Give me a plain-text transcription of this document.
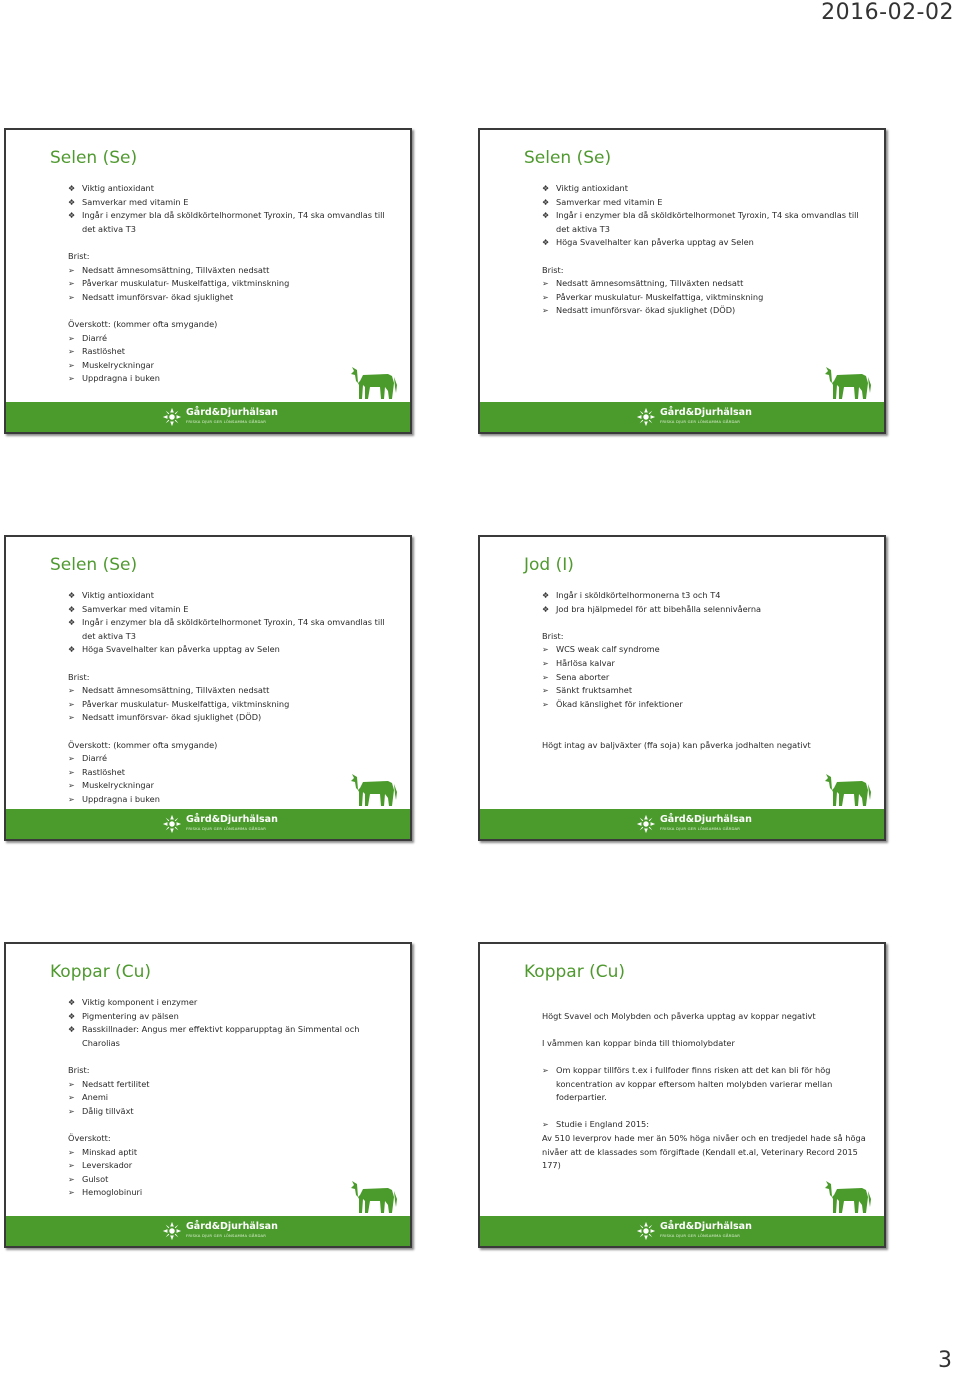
2016-02-02
Selen (Se)
❖ Viktig antioxidant
❖ Samverkar med vitamin E
❖ Ingår i enzymer bla då sköldkörtelhormonet Tyroxin, T4 ska omvandlas till det aktiva T3
Brist:
➢ Nedsatt ämnesomsättning, Tillväxten nedsatt
➢ Påverkar muskulatur- Muskelfattiga, viktminskning
➢ Nedsatt imunförsvar- ökad sjuklighet
Överskott: (kommer ofta smygande)
➢ Diarré
➢ Rastlöshet
➢ Muskelryckningar
➢ Uppdragna i buken
Gård&Djurhälsan
FRISKA DJUR GER LÖNSAMMA GÅRDAR
Selen (Se)
❖ Viktig antioxidant
❖ Samverkar med vitamin E
❖ Ingår i enzymer bla då sköldkörtelhormonet Tyroxin, T4 ska omvandlas till det aktiva T3
❖ Höga Svavelhalter kan påverka upptag av Selen
Brist:
➢ Nedsatt ämnesomsättning, Tillväxten nedsatt
➢ Påverkar muskulatur- Muskelfattiga, viktminskning
➢ Nedsatt imunförsvar- ökad sjuklighet (DÖD)
Gård&Djurhälsan
FRISKA DJUR GER LÖNSAMMA GÅRDAR
Selen (Se)
❖ Viktig antioxidant
❖ Samverkar med vitamin E
❖ Ingår i enzymer bla då sköldkörtelhormonet Tyroxin, T4 ska omvandlas till det aktiva T3
❖ Höga Svavelhalter kan påverka upptag av Selen
Brist:
➢ Nedsatt ämnesomsättning, Tillväxten nedsatt
➢ Påverkar muskulatur- Muskelfattiga, viktminskning
➢ Nedsatt imunförsvar- ökad sjuklighet (DÖD)
Överskott: (kommer ofta smygande)
➢ Diarré
➢ Rastlöshet
➢ Muskelryckningar
➢ Uppdragna i buken
Gård&Djurhälsan
FRISKA DJUR GER LÖNSAMMA GÅRDAR
Jod (I)
❖ Ingår i sköldkörtelhormonerna t3 och T4
❖ Jod bra hjälpmedel för att bibehålla selennivåerna
Brist:
➢ WCS weak calf syndrome
➢ Hårlösa kalvar
➢ Sena aborter
➢ Sänkt fruktsamhet
➢ Ökad känslighet för infektioner
Högt intag av baljväxter (ffa soja) kan påverka jodhalten negativt
Gård&Djurhälsan
FRISKA DJUR GER LÖNSAMMA GÅRDAR
Koppar (Cu)
❖ Viktig komponent i enzymer
❖ Pigmentering av pälsen
❖ Rasskillnader: Angus mer effektivt kopparupptag än Simmental och Charolias
Brist:
➢ Nedsatt fertilitet
➢ Anemi
➢ Dålig tillväxt
Överskott:
➢ Minskad aptit
➢ Leverskador
➢ Gulsot
➢ Hemoglobinuri
Gård&Djurhälsan
FRISKA DJUR GER LÖNSAMMA GÅRDAR
Koppar (Cu)
Högt Svavel och Molybden och påverka upptag av koppar negativt
I våmmen kan koppar binda till thiomolybdater
➢ Om koppar tillförs t.ex i fullfoder finns risken att det kan bli för hög koncentration av koppar eftersom halten molybden varierar mellan foderpartier.
➢ Studie i England 2015:
Av 510 leverprov hade mer än 50% höga nivåer och en tredjedel hade så höga nivåer att de klassades som förgiftade (Kendall et.al, Veterinary Record 2015 177)
Gård&Djurhälsan
FRISKA DJUR GER LÖNSAMMA GÅRDAR
3
